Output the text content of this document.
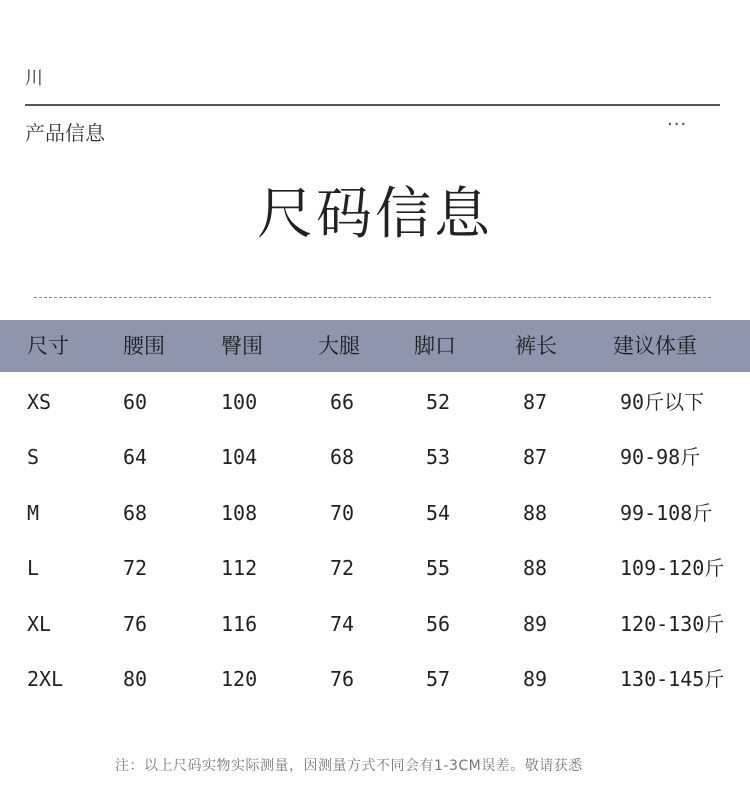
川
产品信息	···
尺码信息
尺寸	腰围	臀围	大腿	脚口	裤长	建议体重
XS	60	100	66	52	87	90斤以下
S	64	104	68	53	87	90-98斤
M	68	108	70	54	88	99-108斤
L	72	112	72	55	88	109-120斤
XL	76	116	74	56	89	120-130斤
2XL	80	120	76	57	89	130-145斤
注：以上尺码实物实际测量，因测量方式不同会有1-3CM误差。敬请获悉
